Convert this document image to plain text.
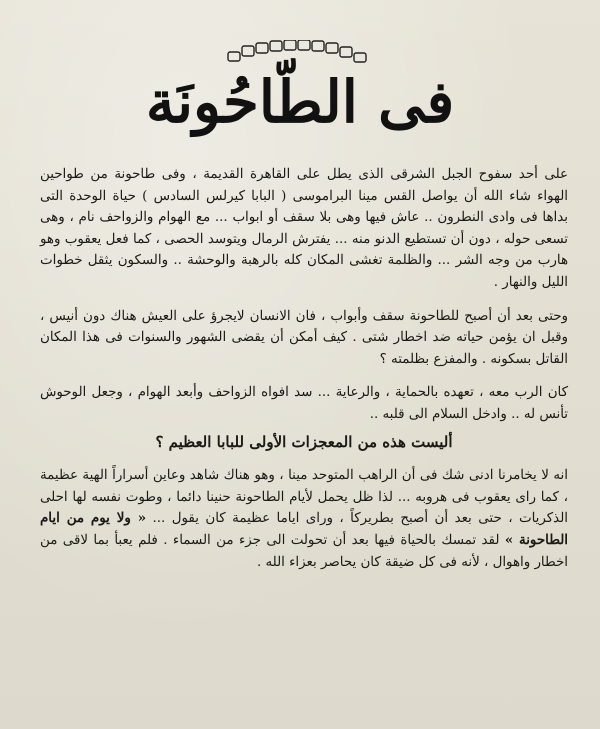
فى الطّاحُونَة

على أحد سفوح الجبل الشرقى الذى يطل على القاهرة القديمة ، وفى طاحونة من طواحين الهواء شاء الله أن يواصل القس مينا البراموسى ( البابا كيرلس السادس ) حياة الوحدة التى بداها فى وادى النطرون .. عاش فيها وهى بلا سقف أو ابواب ... مع الهوام والزواحف نام ، وهى تسعى حوله ، دون أن تستطيع الدنو منه ... يفترش الرمال ويتوسد الحصى ، كما فعل يعقوب وهو هارب من وجه الشر ... والظلمة تغشى المكان كله بالرهبة والوحشة .. والسكون يثقل خطوات الليل والنهار .

وحتى بعد أن أصبح للطاحونة سقف وأبواب ، فان الانسان لايجرؤ على العيش هناك دون أنيس ، وقبل ان يؤمن حياته ضد اخطار شتى . كيف أمكن أن يقضى الشهور والسنوات فى هذا المكان القاتل بسكونه . والمفزع بظلمته ؟

كان الرب معه ، تعهده بالحماية ، والرعاية ... سد افواه الزواحف وأبعد الهوام ، وجعل الوحوش تأنس له .. وادخل السلام الى قلبه ..

أليست هذه من المعجزات الأولى للبابا العظيم ؟

انه لا يخامرنا ادنى شك فى أن الراهب المتوحد مينا ، وهو هناك شاهد وعاين أسراراً الهية عظيمة ، كما راى يعقوب فى هروبه ... لذا ظل يحمل لأيام الطاحونة حنينا دائما ، وطوت نفسه لها احلى الذكريات ، حتى بعد أن أصبح بطريركاً ، وراى اياما عظيمة كان يقول ... « ولا يوم من ايام الطاحونة » لقد تمسك بالحياة فيها بعد أن تحولت الى جزء من السماء . فلم يعبأ بما لاقى من اخطار واهوال ، لأنه فى كل ضيقة كان يحاصر بعزاء الله .
